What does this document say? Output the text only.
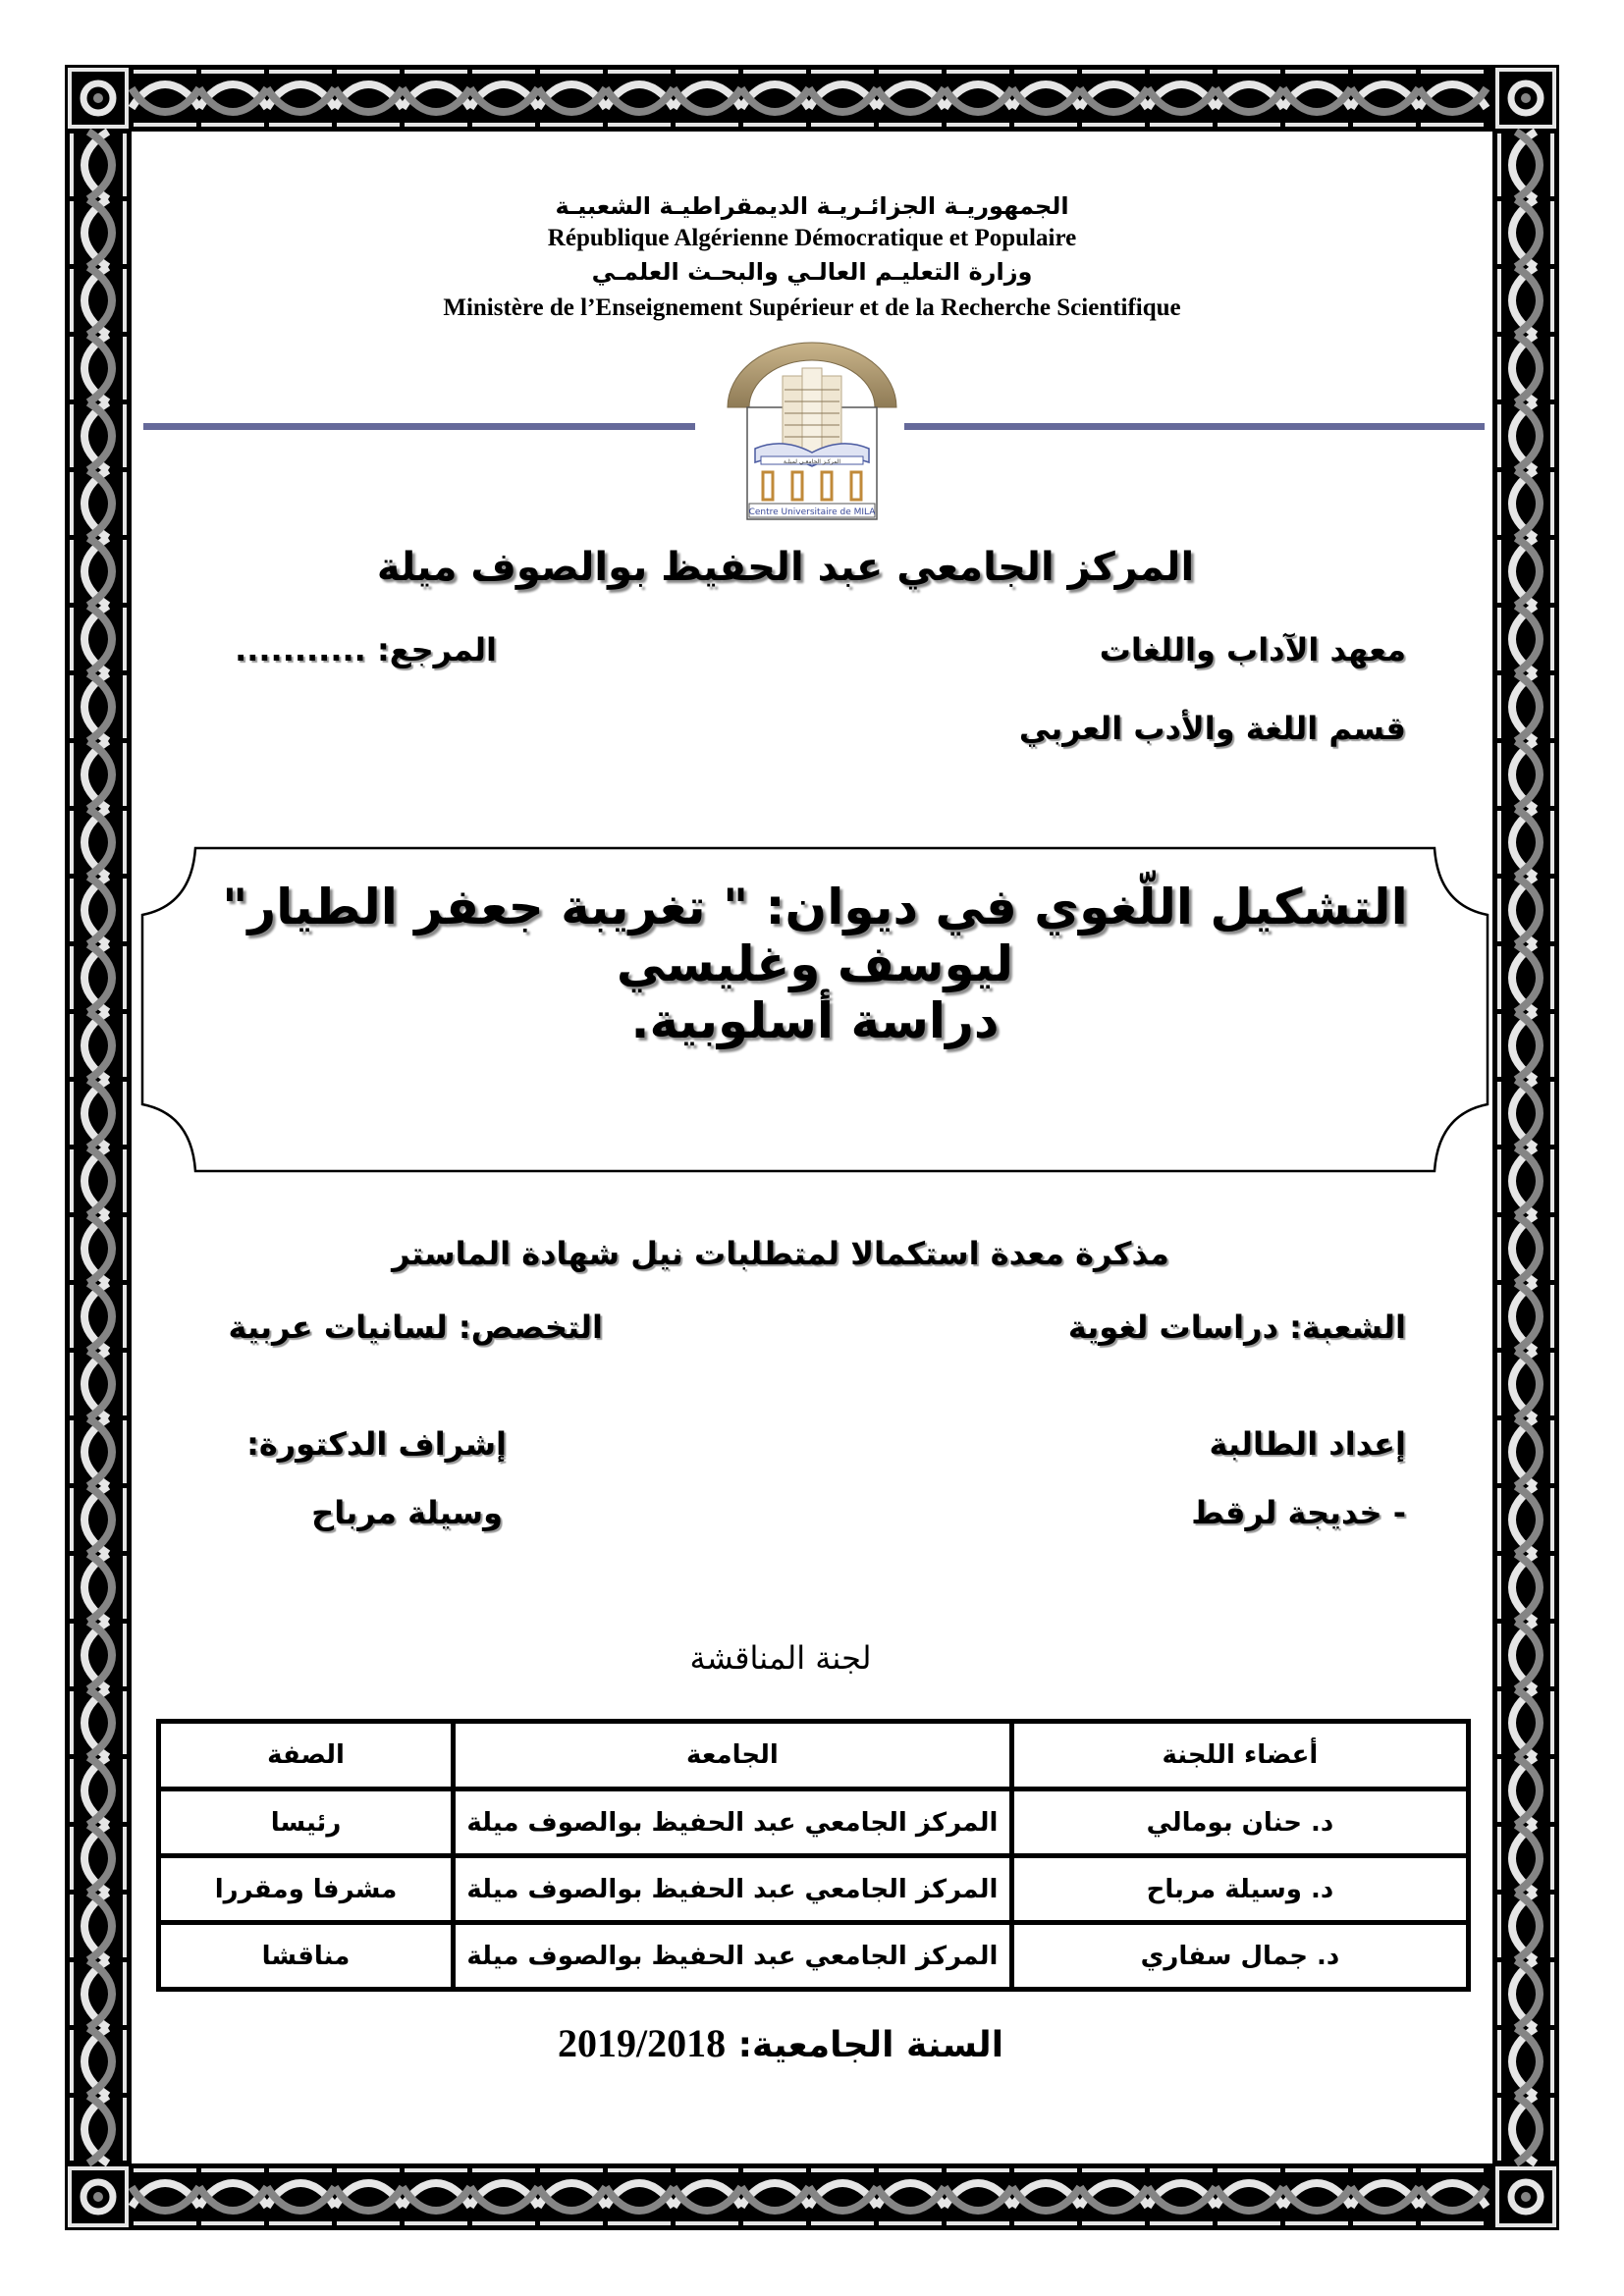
الجمهوريـة الجزائـريـة الديمقراطيـة الشعبيـة
République Algérienne Démocratique et Populaire
وزارة التعليـم العالـي والبحـث العلمـي
Ministère de l’Enseignement Supérieur et de la Recherche Scientifique
المركـز الجامعـي لميلـة
Centre Universitaire de MILA
المركز الجامعي عبد الحفيظ بوالصوف ميلة
معهد الآداب واللغات
المرجع: ...........
قسم اللغة والأدب العربي
التشكيل اللّغوي في ديوان: " تغريبة جعفر الطيار" ليوسف وغليسي
دراسة أسلوبية.
مذكرة معدة استكمالا لمتطلبات نيل شهادة الماستر
الشعبة: دراسات لغوية
التخصص: لسانيات عربية
إعداد الطالبة
إشراف الدكتورة:
- خديجة لرقط
وسيلة مرباح
لجنة المناقشة
أعضاء اللجنة	الجامعة	الصفة
د. حنان بومالي	المركز الجامعي عبد الحفيظ بوالصوف ميلة	رئيسا
د. وسيلة مرباح	المركز الجامعي عبد الحفيظ بوالصوف ميلة	مشرفا ومقررا
د. جمال سفاري	المركز الجامعي عبد الحفيظ بوالصوف ميلة	مناقشا
السنة الجامعية: 2019/2018
